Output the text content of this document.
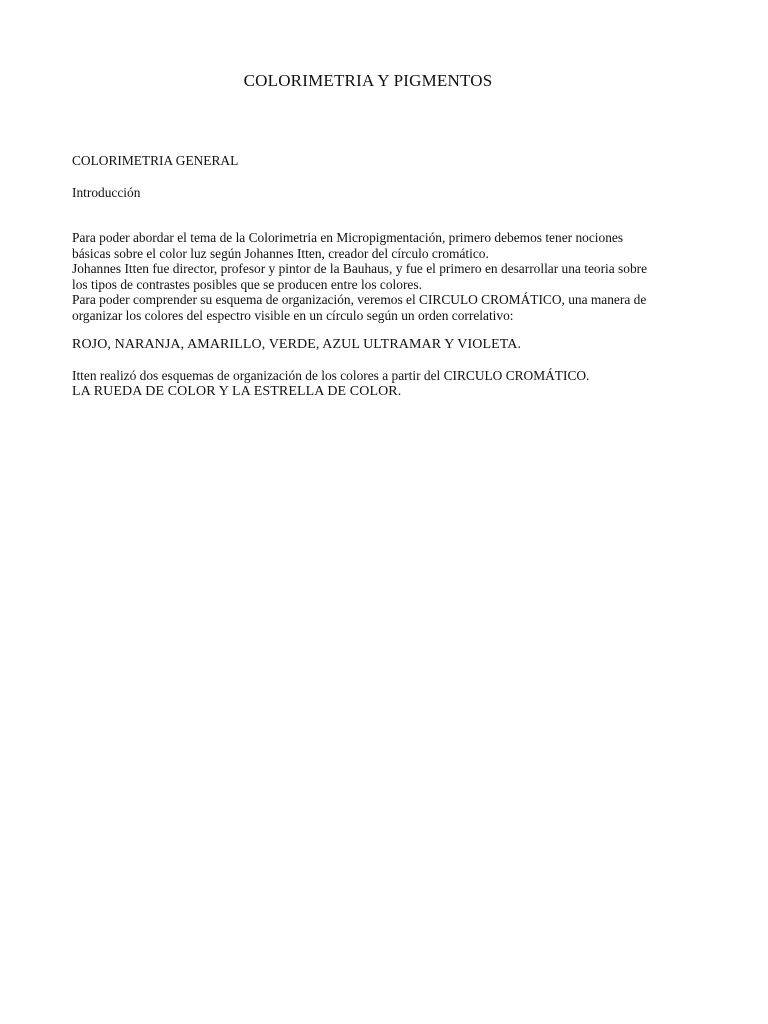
COLORIMETRIA Y PIGMENTOS
COLORIMETRIA GENERAL
Introducción
Para poder abordar el tema de la Colorimetria en Micropigmentación, primero debemos tener nociones
básicas sobre el color luz según Johannes Itten, creador del círculo cromático.
Johannes Itten fue director, profesor y pintor de la Bauhaus, y fue el primero en desarrollar una teoria sobre
los tipos de contrastes posibles que se producen entre los colores.
Para poder comprender su esquema de organización, veremos el CIRCULO CROMÁTICO, una manera de
organizar los colores del espectro visible en un círculo según un orden correlativo:
ROJO, NARANJA, AMARILLO, VERDE, AZUL ULTRAMAR Y VIOLETA.
Itten realizó dos esquemas de organización de los colores a partir del CIRCULO CROMÁTICO.
LA RUEDA DE COLOR Y LA ESTRELLA DE COLOR.
